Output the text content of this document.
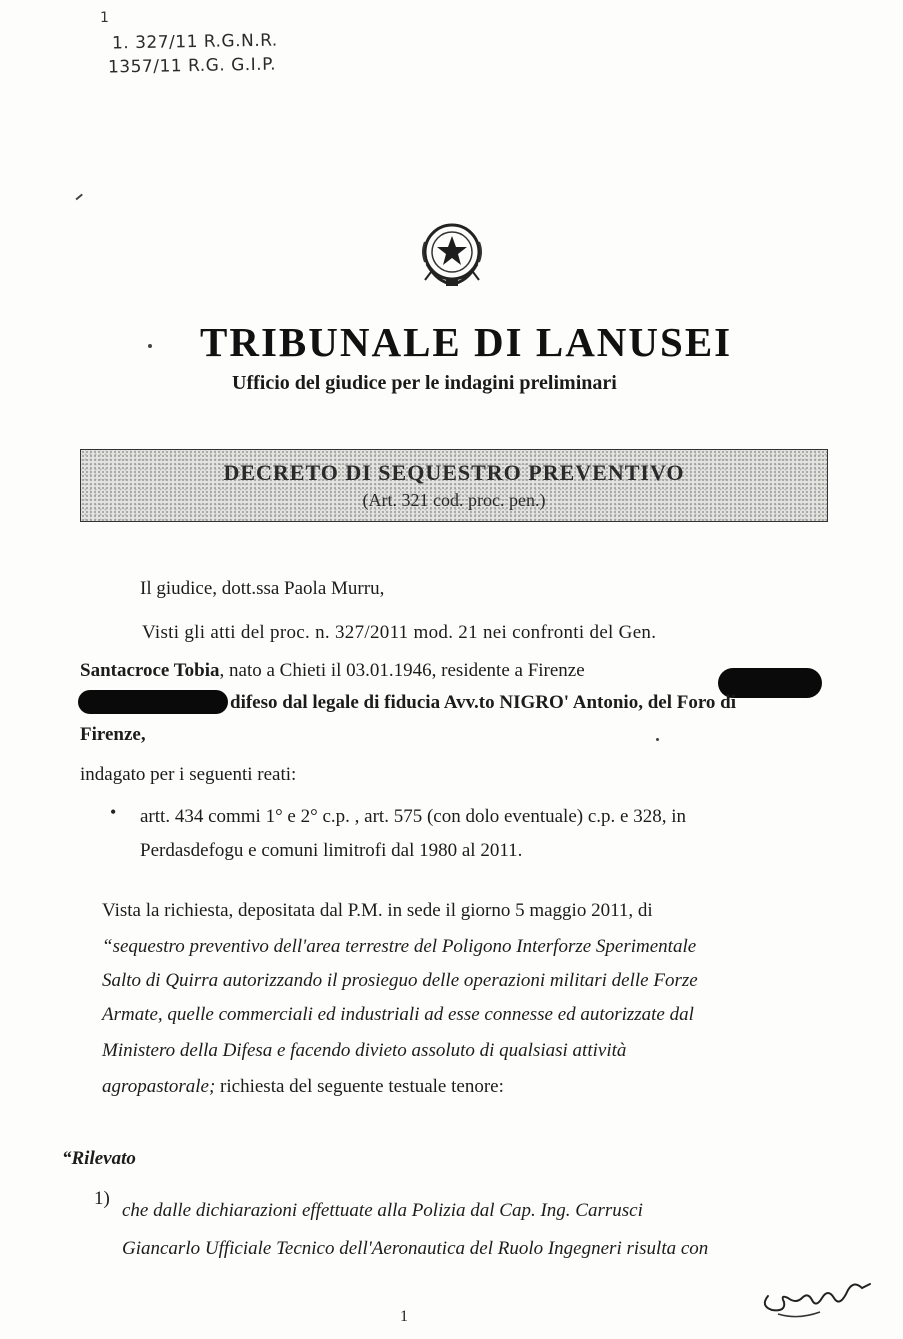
1
1. 327/11 R.G.N.R.
1357/11 R.G. G.I.P.
TRIBUNALE DI LANUSEI
Ufficio del giudice per le indagini preliminari
DECRETO DI SEQUESTRO PREVENTIVO
(Art. 321 cod. proc. pen.)
Il giudice, dott.ssa Paola Murru,
Visti gli atti del proc. n. 327/2011 mod. 21 nei confronti del Gen.
Santacroce Tobia, nato a Chieti il 03.01.1946, residente a Firenze
difeso dal legale di fiducia Avv.to NIGRO' Antonio, del Foro di
Firenze,
indagato per i seguenti reati:
• artt. 434 commi 1° e 2° c.p. , art. 575 (con dolo eventuale) c.p. e 328, in
Perdasdefogu e comuni limitrofi dal 1980 al 2011.
Vista la richiesta, depositata dal P.M. in sede il giorno 5 maggio 2011, di
“sequestro preventivo dell'area terrestre del Poligono Interforze Sperimentale
Salto di Quirra autorizzando il prosieguo delle operazioni militari delle Forze
Armate, quelle commerciali ed industriali ad esse connesse ed autorizzate dal
Ministero della Difesa e facendo divieto assoluto di qualsiasi attività
agropastorale; richiesta del seguente testuale tenore:
“Rilevato
1)
che dalle dichiarazioni effettuate alla Polizia dal Cap. Ing. Carrusci
Giancarlo Ufficiale Tecnico dell'Aeronautica del Ruolo Ingegneri risulta con
1
